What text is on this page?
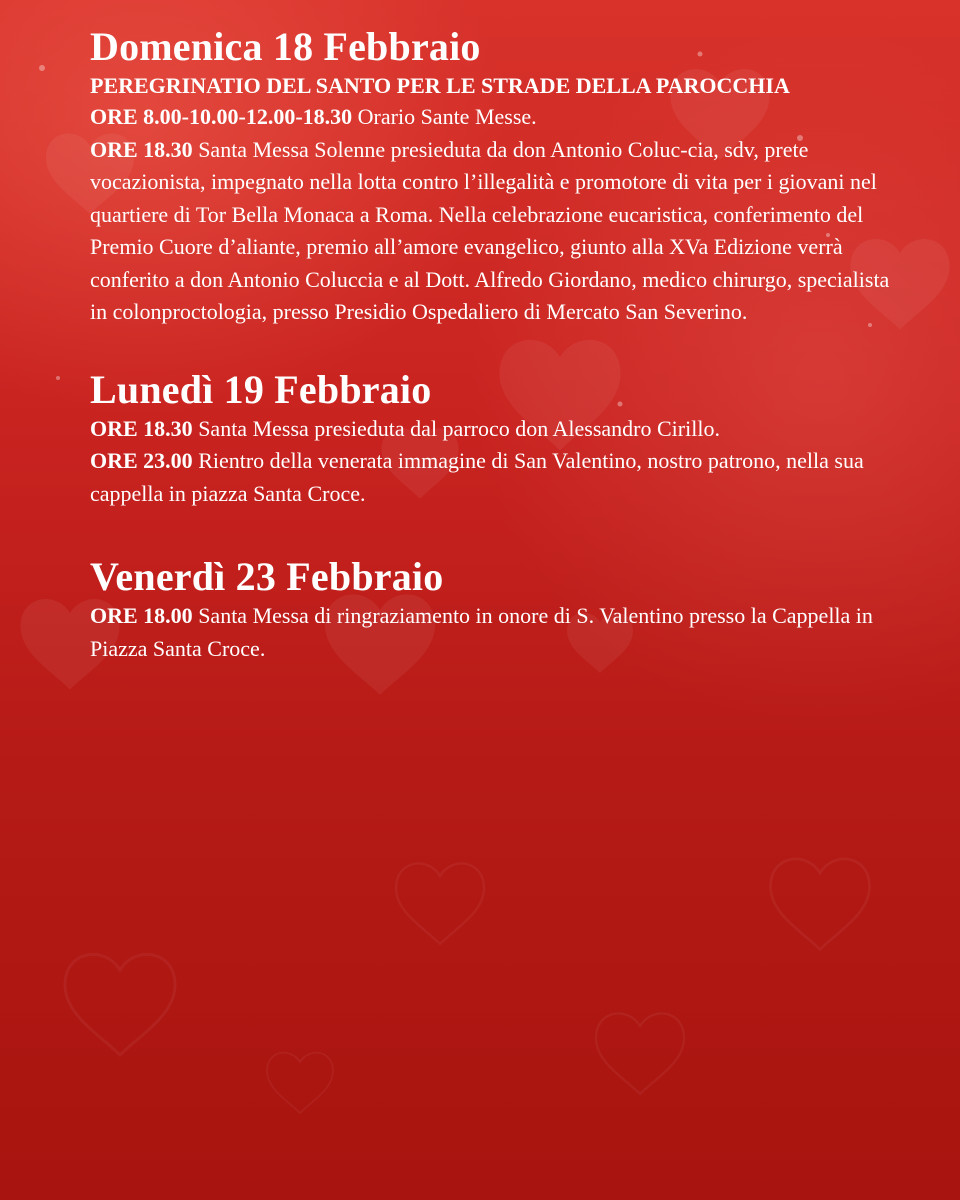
Domenica 18 Febbraio

PEREGRINATIO DEL SANTO PER LE STRADE DELLA PAROCCHIA

ORE 8.00-10.00-12.00-18.30 Orario Sante Messe.

ORE 18.30 Santa Messa Solenne presieduta da don Antonio Coluc-cia, sdv, prete vocazionista, impegnato nella lotta contro l’illegalità e promotore di vita per i giovani nel quartiere di Tor Bella Monaca a Roma. Nella celebrazione eucaristica, conferimento del Premio Cuore d’aliante, premio all’amore evangelico, giunto alla XVa Edizione verrà conferito a don Antonio Coluccia e al Dott. Alfredo Giordano, medico chirurgo, specialista in colonproctologia, presso Presidio Ospedaliero di Mercato San Severino.

Lunedì 19 Febbraio

ORE 18.30 Santa Messa presieduta dal parroco don Alessandro Cirillo.

ORE 23.00 Rientro della venerata immagine di San Valentino, nostro patrono, nella sua cappella in piazza Santa Croce.

Venerdì 23 Febbraio

ORE 18.00 Santa Messa di ringraziamento in onore di S. Valentino presso la Cappella in Piazza Santa Croce.
